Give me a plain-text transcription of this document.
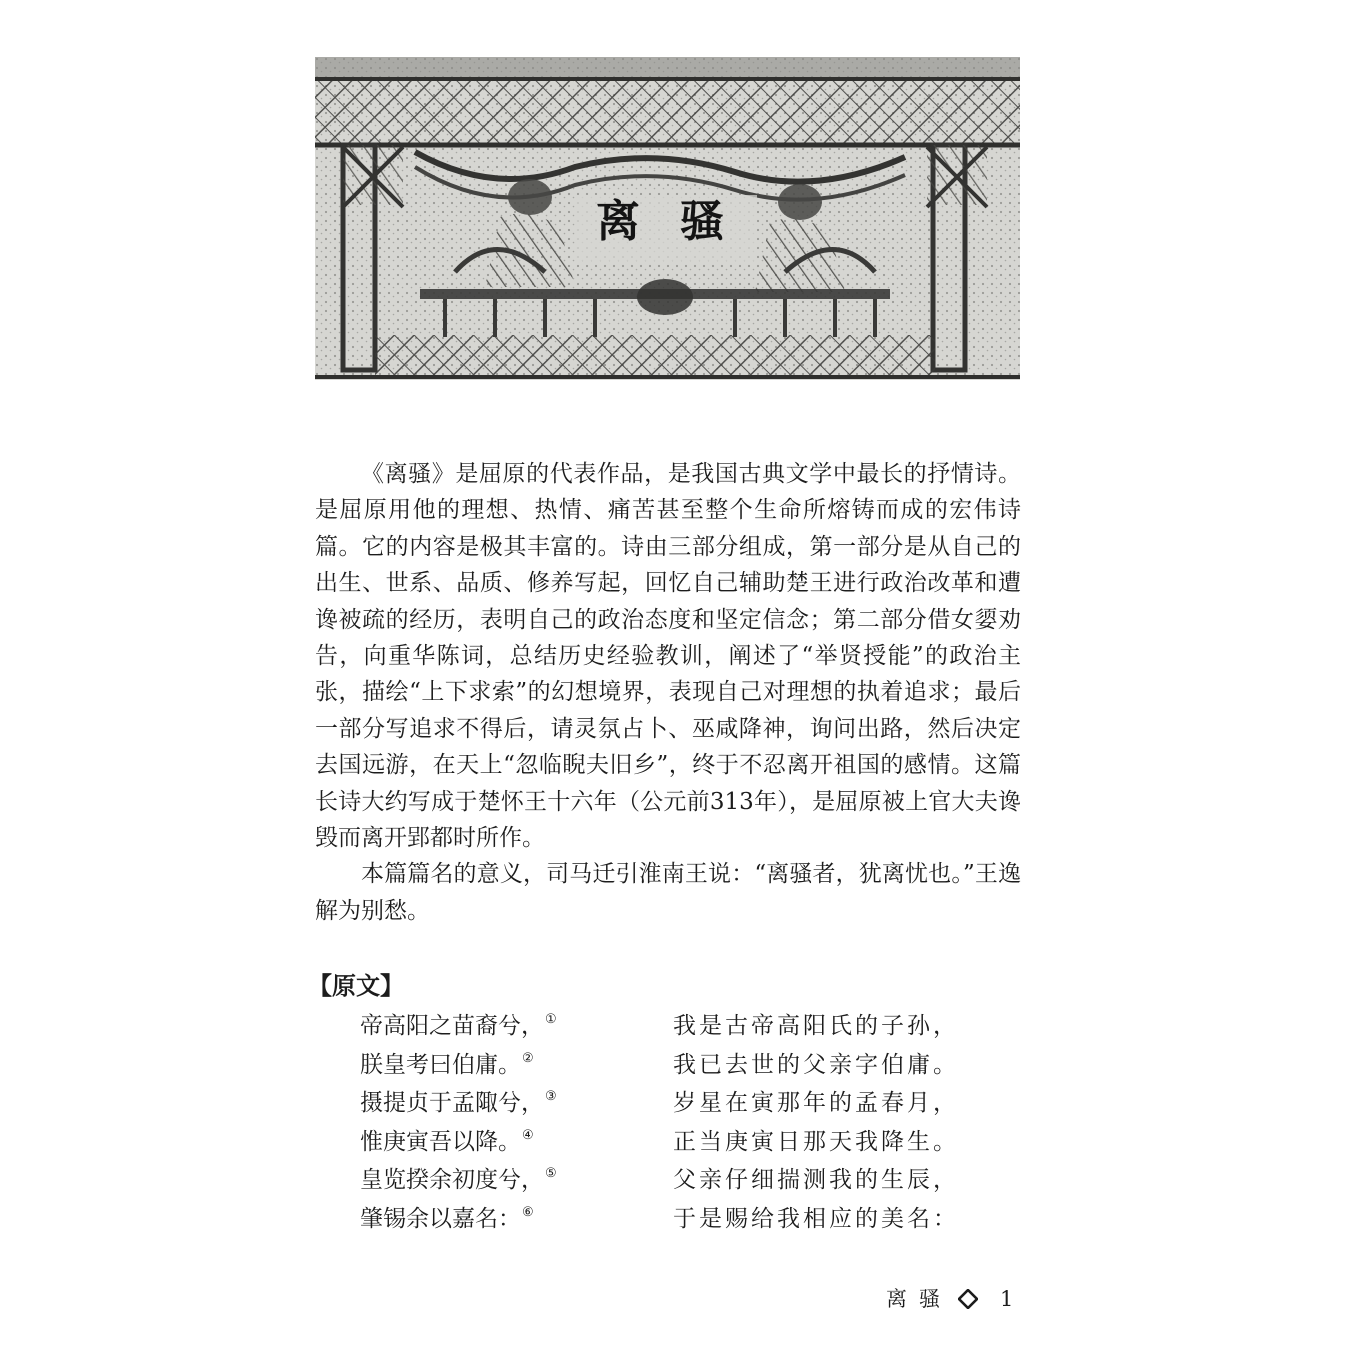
离骚

《离骚》是屈原的代表作品，是我国古典文学中最长的抒情诗。是屈原用他的理想、热情、痛苦甚至整个生命所熔铸而成的宏伟诗篇。它的内容是极其丰富的。诗由三部分组成，第一部分是从自己的出生、世系、品质、修养写起，回忆自己辅助楚王进行政治改革和遭谗被疏的经历，表明自己的政治态度和坚定信念；第二部分借女媭劝告，向重华陈词，总结历史经验教训，阐述了“举贤授能”的政治主张，描绘“上下求索”的幻想境界，表现自己对理想的执着追求；最后一部分写追求不得后，请灵氛占卜、巫咸降神，询问出路，然后决定去国远游，在天上“忽临睨夫旧乡”，终于不忍离开祖国的感情。这篇长诗大约写成于楚怀王十六年（公元前313年），是屈原被上官大夫谗毁而离开郢都时所作。

本篇篇名的意义，司马迁引淮南王说：“离骚者，犹离忧也。”王逸解为别愁。

【原文】
帝高阳之苗裔兮，①	我是古帝高阳氏的子孙，
朕皇考曰伯庸。②	我已去世的父亲字伯庸。
摄提贞于孟陬兮，③	岁星在寅那年的孟春月，
惟庚寅吾以降。④	正当庚寅日那天我降生。
皇览揆余初度兮，⑤	父亲仔细揣测我的生辰，
肇锡余以嘉名：⑥	于是赐给我相应的美名：
离骚 1
